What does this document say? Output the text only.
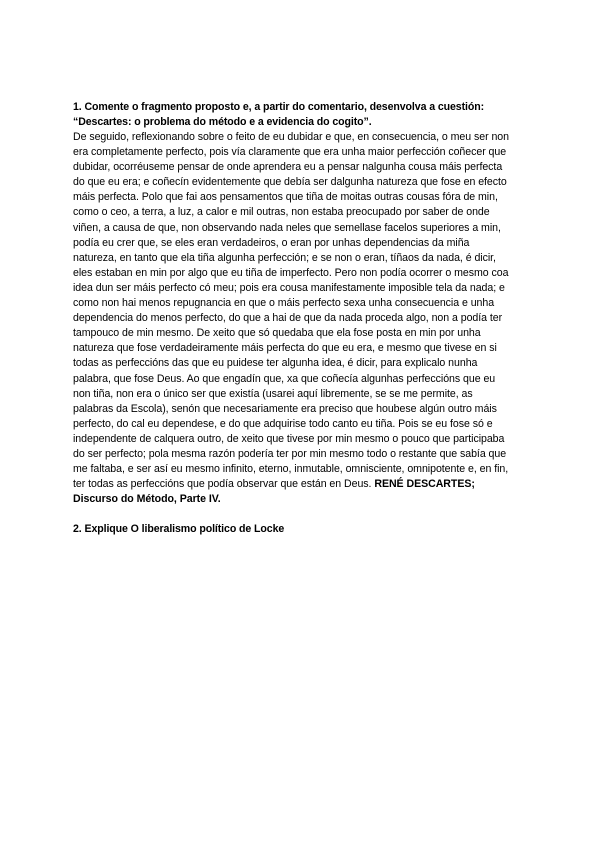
1. Comente o fragmento proposto e, a partir do comentario, desenvolva a cuestión:
“Descartes: o problema do método e a evidencia do cogito”.

De seguido, reflexionando sobre o feito de eu dubidar e que, en consecuencia, o meu ser non era completamente perfecto, pois vía claramente que era unha maior perfección coñecer que dubidar, ocorréuseme pensar de onde aprendera eu a pensar nalgunha cousa máis perfecta do que eu era; e coñecín evidentemente que debía ser dalgunha natureza que fose en efecto máis perfecta. Polo que fai aos pensamentos que tiña de moitas outras cousas fóra de min, como o ceo, a terra, a luz, a calor e mil outras, non estaba preocupado por saber de onde viñen, a causa de que, non observando nada neles que semellase facelos superiores a min, podía eu crer que, se eles eran verdadeiros, o eran por unhas dependencias da miña natureza, en tanto que ela tiña algunha perfección; e se non o eran, tíñaos da nada, é dicir, eles estaban en min por algo que eu tiña de imperfecto. Pero non podía ocorrer o mesmo coa idea dun ser máis perfecto có meu; pois era cousa manifestamente imposible tela da nada; e como non hai menos repugnancia en que o máis perfecto sexa unha consecuencia e unha dependencia do menos perfecto, do que a hai de que da nada proceda algo, non a podía ter tampouco de min mesmo. De xeito que só quedaba que ela fose posta en min por unha natureza que fose verdadeiramente máis perfecta do que eu era, e mesmo que tivese en si todas as perfeccións das que eu puidese ter algunha idea, é dicir, para explicalo nunha palabra, que fose Deus. Ao que engadín que, xa que coñecía algunhas perfeccións que eu non tiña, non era o único ser que existía (usarei aquí libremente, se se me permite, as palabras da Escola), senón que necesariamente era preciso que houbese algún outro máis perfecto, do cal eu dependese, e do que adquirise todo canto eu tiña. Pois se eu fose só e independente de calquera outro, de xeito que tivese por min mesmo o pouco que participaba do ser perfecto; pola mesma razón podería ter por min mesmo todo o restante que sabía que me faltaba, e ser así eu mesmo infinito, eterno, inmutable, omnisciente, omnipotente e, en fin, ter todas as perfeccións que podía observar que están en Deus. RENÉ DESCARTES; Discurso do Método, Parte IV.

2. Explique O liberalismo político de Locke
